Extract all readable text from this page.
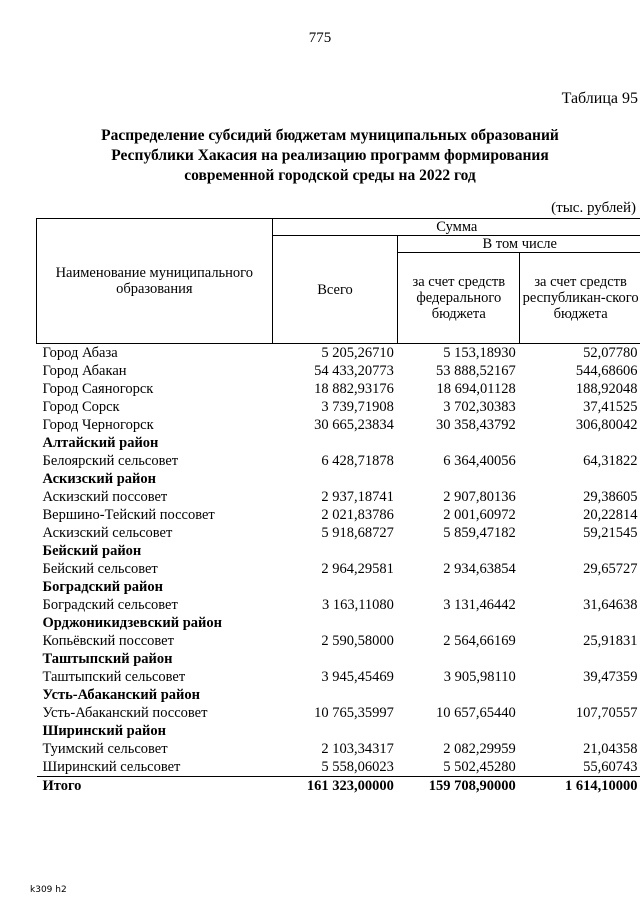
775
Таблица 95
Распределение субсидий бюджетам муниципальных образований
Республики Хакасия на реализацию программ формирования
современной городской среды на 2022 год
(тыс. рублей)
Наименование муниципального образования	Сумма		
	Всего	В том числе	
		за счет средств федерального бюджета	за счет средств республикан-ского бюджета
Город Абаза	5 205,26710	5 153,18930	52,07780
Город Абакан	54 433,20773	53 888,52167	544,68606
Город Саяногорск	18 882,93176	18 694,01128	188,92048
Город Сорск	3 739,71908	3 702,30383	37,41525
Город Черногорск	30 665,23834	30 358,43792	306,80042
Алтайский район			
Белоярский сельсовет	6 428,71878	6 364,40056	64,31822
Аскизский район			
Аскизский поссовет	2 937,18741	2 907,80136	29,38605
Вершино-Тейский поссовет	2 021,83786	2 001,60972	20,22814
Аскизский сельсовет	5 918,68727	5 859,47182	59,21545
Бейский район			
Бейский сельсовет	2 964,29581	2 934,63854	29,65727
Боградский район			
Боградский сельсовет	3 163,11080	3 131,46442	31,64638
Орджоникидзевский район			
Копьёвский поссовет	2 590,58000	2 564,66169	25,91831
Таштыпский район			
Таштыпский сельсовет	3 945,45469	3 905,98110	39,47359
Усть-Абаканский район			
Усть-Абаканский поссовет	10 765,35997	10 657,65440	107,70557
Ширинский район			
Туимский сельсовет	2 103,34317	2 082,29959	21,04358
Ширинский сельсовет	5 558,06023	5 502,45280	55,60743
Итого	161 323,00000	159 708,90000	1 614,10000
k309 h2
